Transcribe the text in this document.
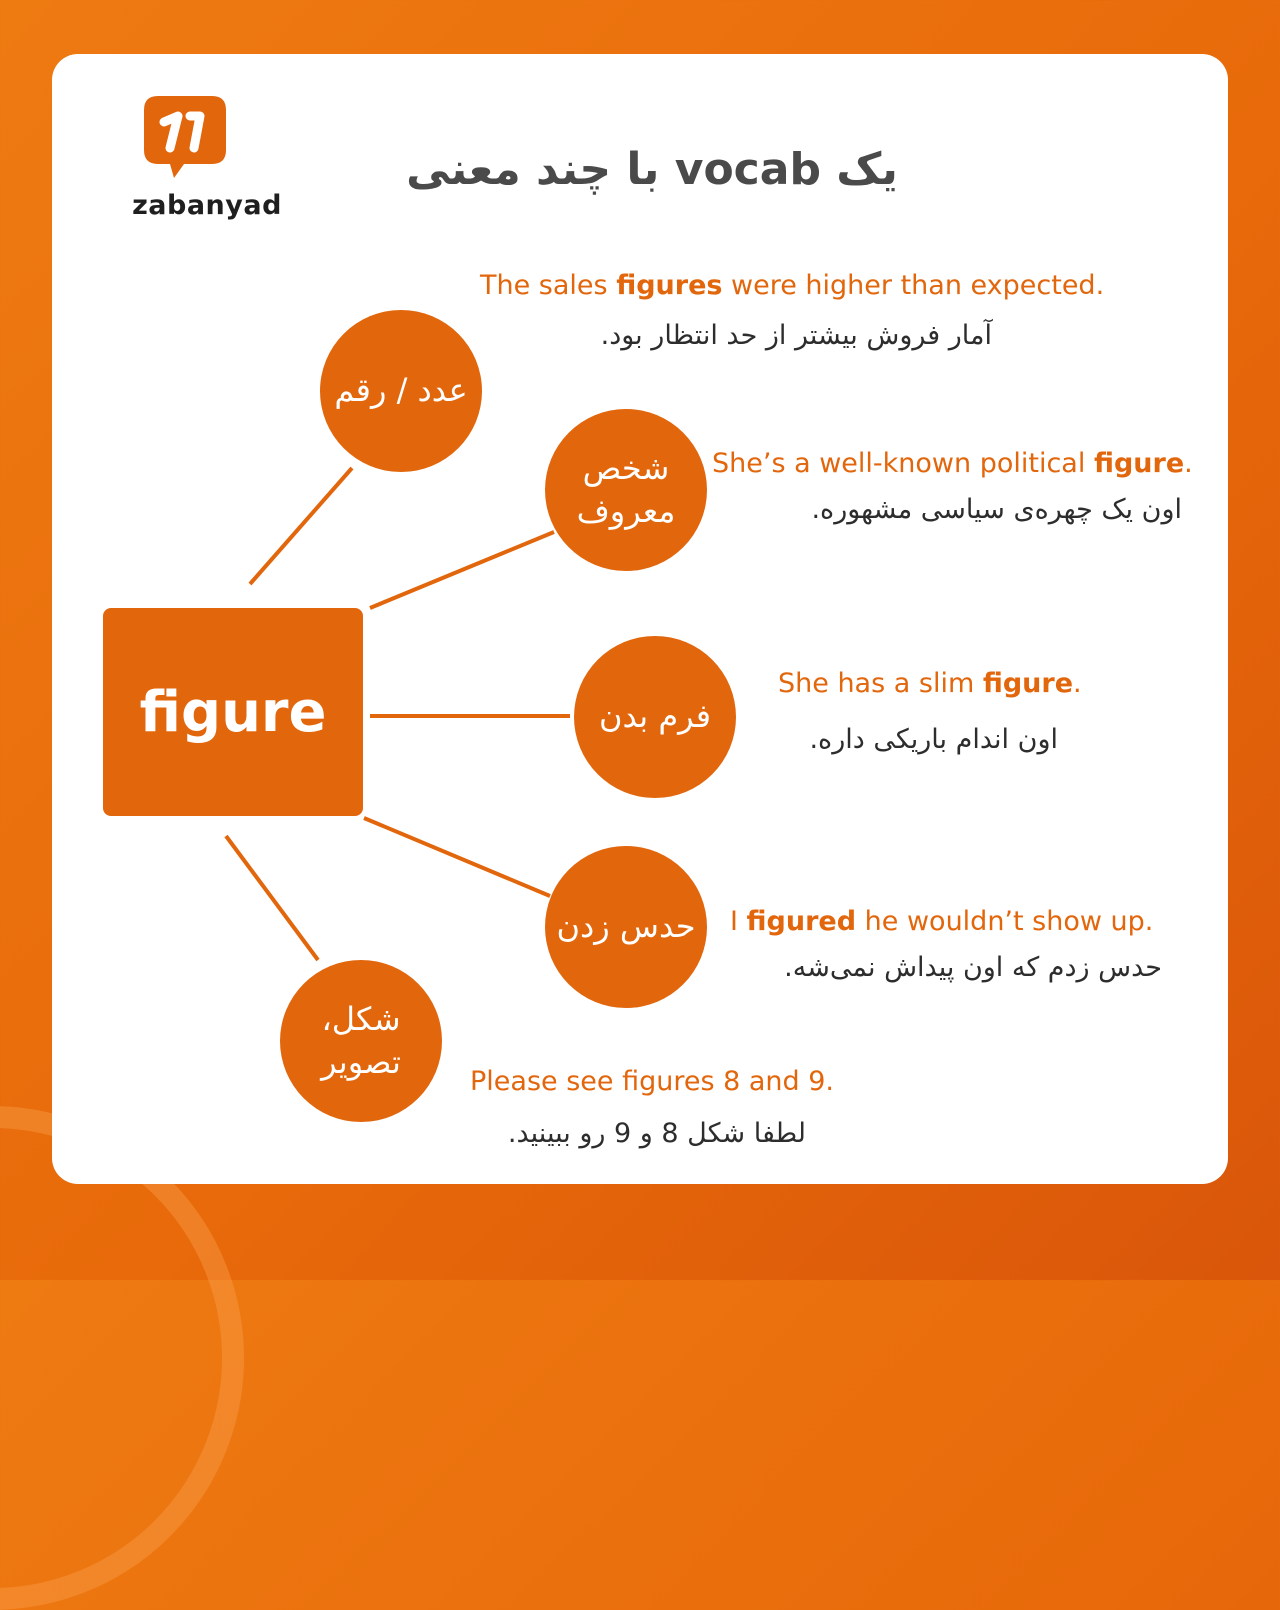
zabanyad
یک vocab با چند معنی
figure
عدد / رقم
The sales figures were higher than expected.
آمار فروش بیشتر از حد انتظار بود.
شخص معروف
She’s a well-known political figure.
اون یک چهره‌ی سیاسی مشهوره.
فرم بدن
She has a slim figure.
اون اندام باریکی داره.
حدس زدن I figured he wouldn’t show up.
حدس زدم که اون پیداش نمی‌شه.
شکل، تصویر
Please see figures 8 and 9.
لطفا شکل 8 و 9 رو ببینید.
